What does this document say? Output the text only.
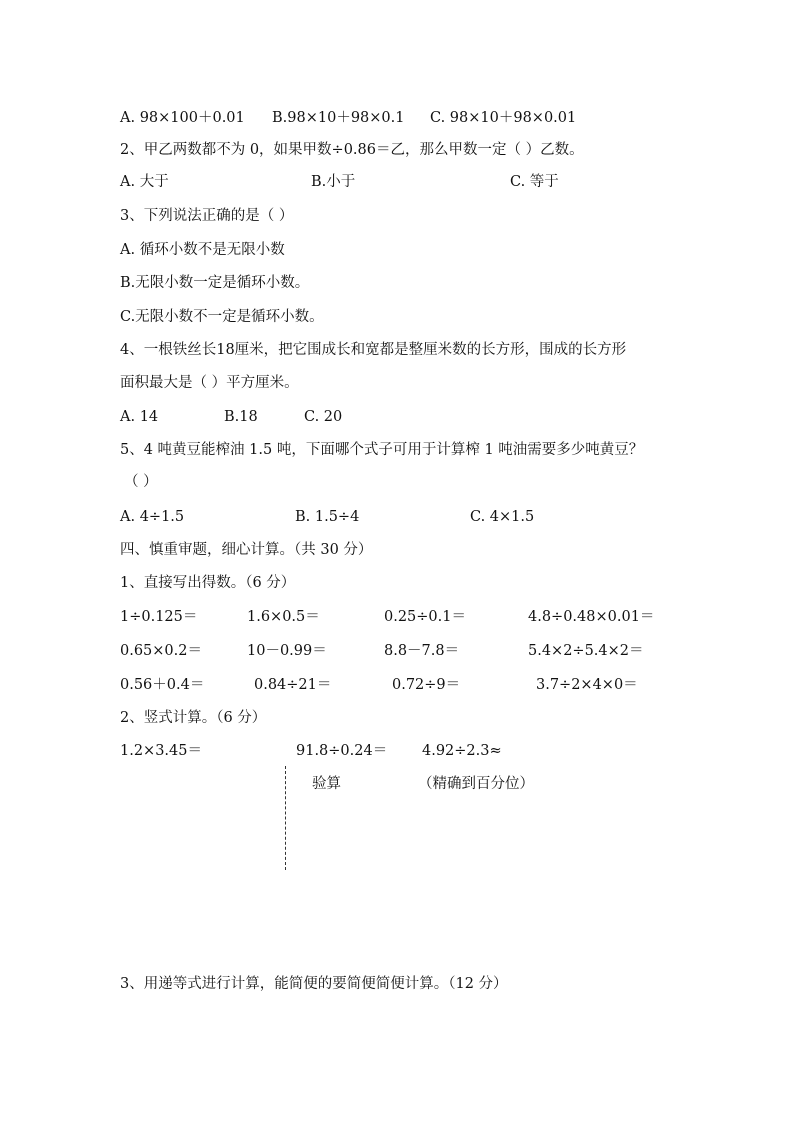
A. 98×100＋0.01 B.98×10＋98×0.1 C. 98×10＋98×0.01
2、甲乙两数都不为 0，如果甲数÷0.86＝乙，那么甲数一定（ ）乙数。
A. 大于	B.小于	C. 等于
3、下列说法正确的是（ ）
A. 循环小数不是无限小数
B.无限小数一定是循环小数。
C.无限小数不一定是循环小数。
4、一根铁丝长18厘米，把它围成长和宽都是整厘米数的长方形，围成的长方形
面积最大是（ ）平方厘米。
A. 14	B.18	C. 20
5、4 吨黄豆能榨油 1.5 吨，下面哪个式子可用于计算榨 1 吨油需要多少吨黄豆？
（ ）
A. 4÷1.5	B. 1.5÷4	C. 4×1.5
四、慎重审题，细心计算。（共 30 分）
1、直接写出得数。（6 分）
1÷0.125＝	1.6×0.5＝	0.25÷0.1＝	4.8÷0.48×0.01＝
0.65×0.2＝	10－0.99＝	8.8－7.8＝	5.4×2÷5.4×2＝
0.56＋0.4＝	0.84÷21＝	0.72÷9＝	3.7÷2×4×0＝
2、竖式计算。（6 分）
1.2×3.45＝	91.8÷0.24＝ 4.92÷2.3≈
验算	（精确到百分位）
3、用递等式进行计算，能简便的要简便简便计算。（12 分）
